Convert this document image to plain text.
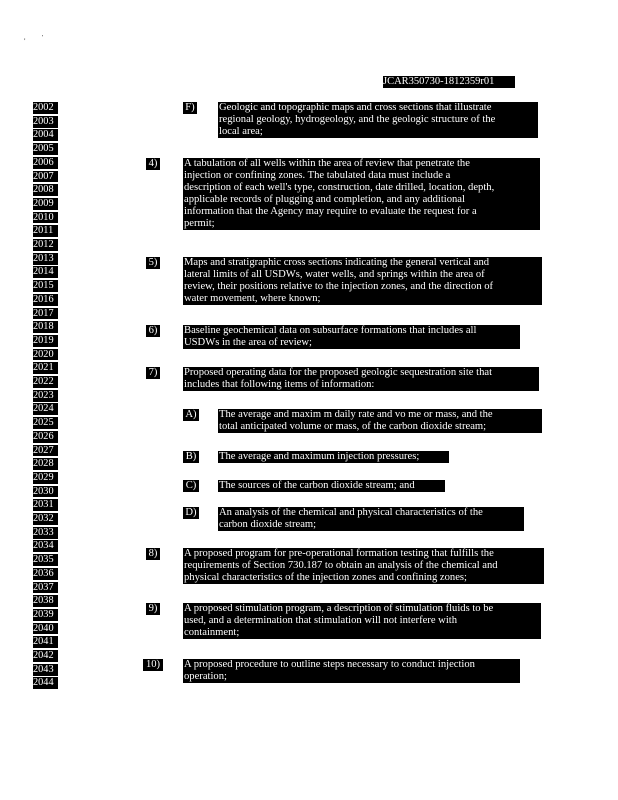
,           '
JCAR350730-1812359r01
2002
2003
2004
2005
2006
2007
2008
2009
2010
2011
2012
2013
2014
2015
2016
2017
2018
2019
2020
2021
2022
2023
2024
2025
2026
2027
2028
2029
2030
2031
2032
2033
2034
2035
2036
2037
2038
2039
2040
2041
2042
2043
2044
F) Geologic and topographic maps and cross sections that illustrate
regional geology, hydrogeology, and the geologic structure of the
local area;
4)	A tabulation of all wells within the area of review that penetrate the
injection or confining zones. The tabulated data must include a
description of each well's type, construction, date drilled, location, depth,
applicable records of plugging and completion, and any additional
information that the Agency may require to evaluate the request for a
permit;
5)	Maps and stratigraphic cross sections indicating the general vertical and
lateral limits of all USDWs, water wells, and springs within the area of
review, their positions relative to the injection zones, and the direction of
water movement, where known;
6)	Baseline geochemical data on subsurface formations that includes all
USDWs in the area of review;
7)	Proposed operating data for the proposed geologic sequestration site that
includes that following items of information:
A) The average and maxim m daily rate and vo me or mass, and the
total anticipated volume or mass, of the carbon dioxide stream;
B) The average and maximum injection pressures;
C) The sources of the carbon dioxide stream; and
D) An analysis of the chemical and physical characteristics of the
carbon dioxide stream;
8)	A proposed program for pre-operational formation testing that fulfills the
requirements of Section 730.187 to obtain an analysis of the chemical and
physical characteristics of the injection zones and confining zones;
9)	A proposed stimulation program, a description of stimulation fluids to be
used, and a determination that stimulation will not interfere with
containment;
10) A proposed procedure to outline steps necessary to conduct injection
operation;
